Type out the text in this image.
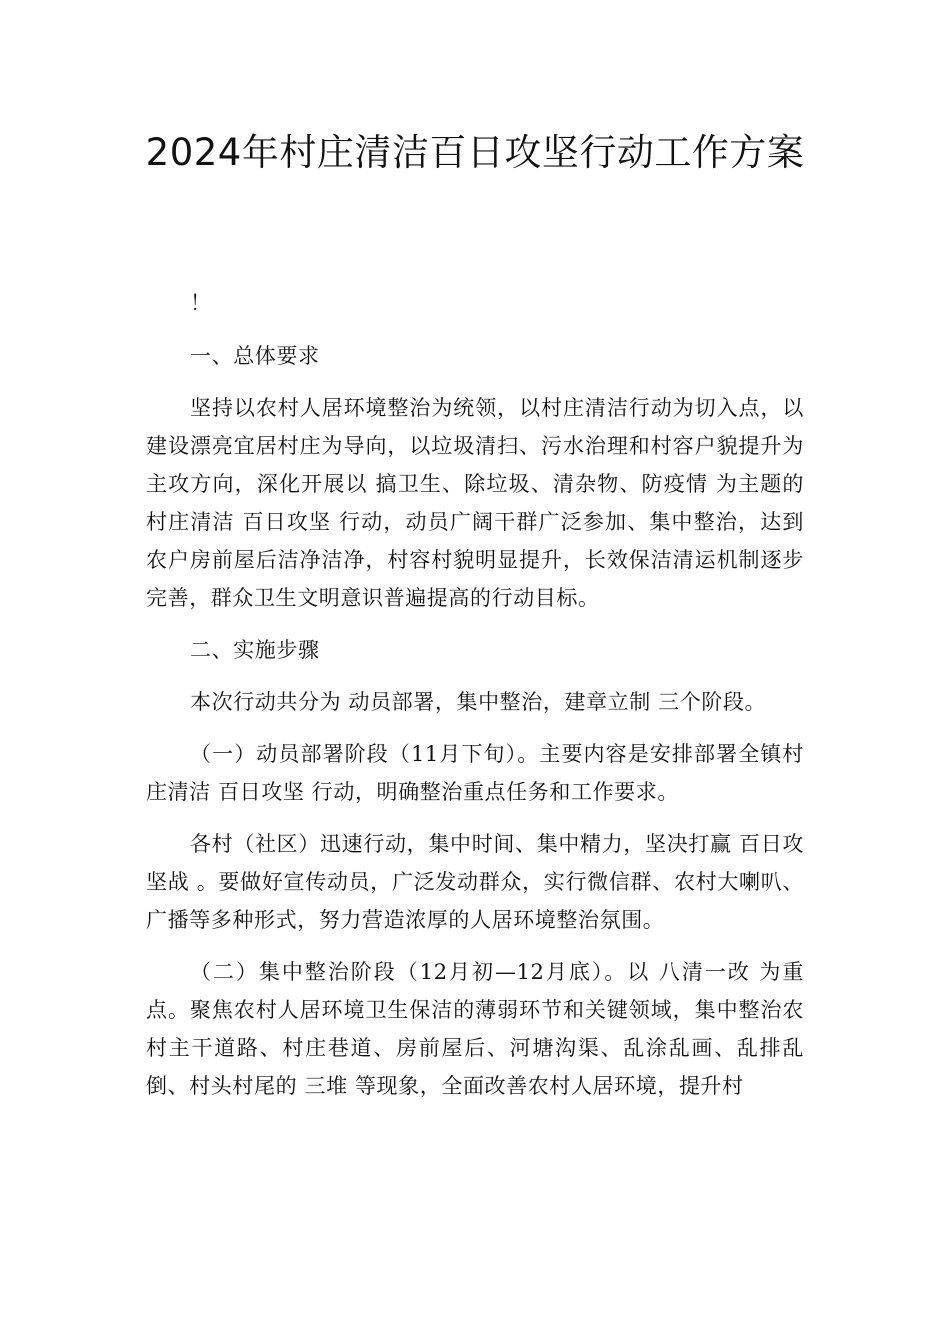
2024年村庄清洁百日攻坚行动工作方案

！

一、总体要求

坚持以农村人居环境整治为统领，以村庄清洁行动为切入点，以建设漂亮宜居村庄为导向，以垃圾清扫、污水治理和村容户貌提升为主攻方向，深化开展以 搞卫生、除垃圾、清杂物、防疫情 为主题的村庄清洁 百日攻坚 行动，动员广阔干群广泛参加、集中整治，达到农户房前屋后洁净洁净，村容村貌明显提升，长效保洁清运机制逐步完善，群众卫生文明意识普遍提高的行动目标。

二、实施步骤

本次行动共分为 动员部署，集中整治，建章立制 三个阶段。

（一）动员部署阶段（11月下旬）。主要内容是安排部署全镇村庄清洁 百日攻坚 行动，明确整治重点任务和工作要求。

各村（社区）迅速行动，集中时间、集中精力，坚决打赢 百日攻坚战 。要做好宣传动员，广泛发动群众，实行微信群、农村大喇叭、广播等多种形式，努力营造浓厚的人居环境整治氛围。

（二）集中整治阶段（12月初—12月底）。以 八清一改 为重点。聚焦农村人居环境卫生保洁的薄弱环节和关键领域，集中整治农村主干道路、村庄巷道、房前屋后、河塘沟渠、乱涂乱画、乱排乱倒、村头村尾的 三堆 等现象，全面改善农村人居环境，提升村
